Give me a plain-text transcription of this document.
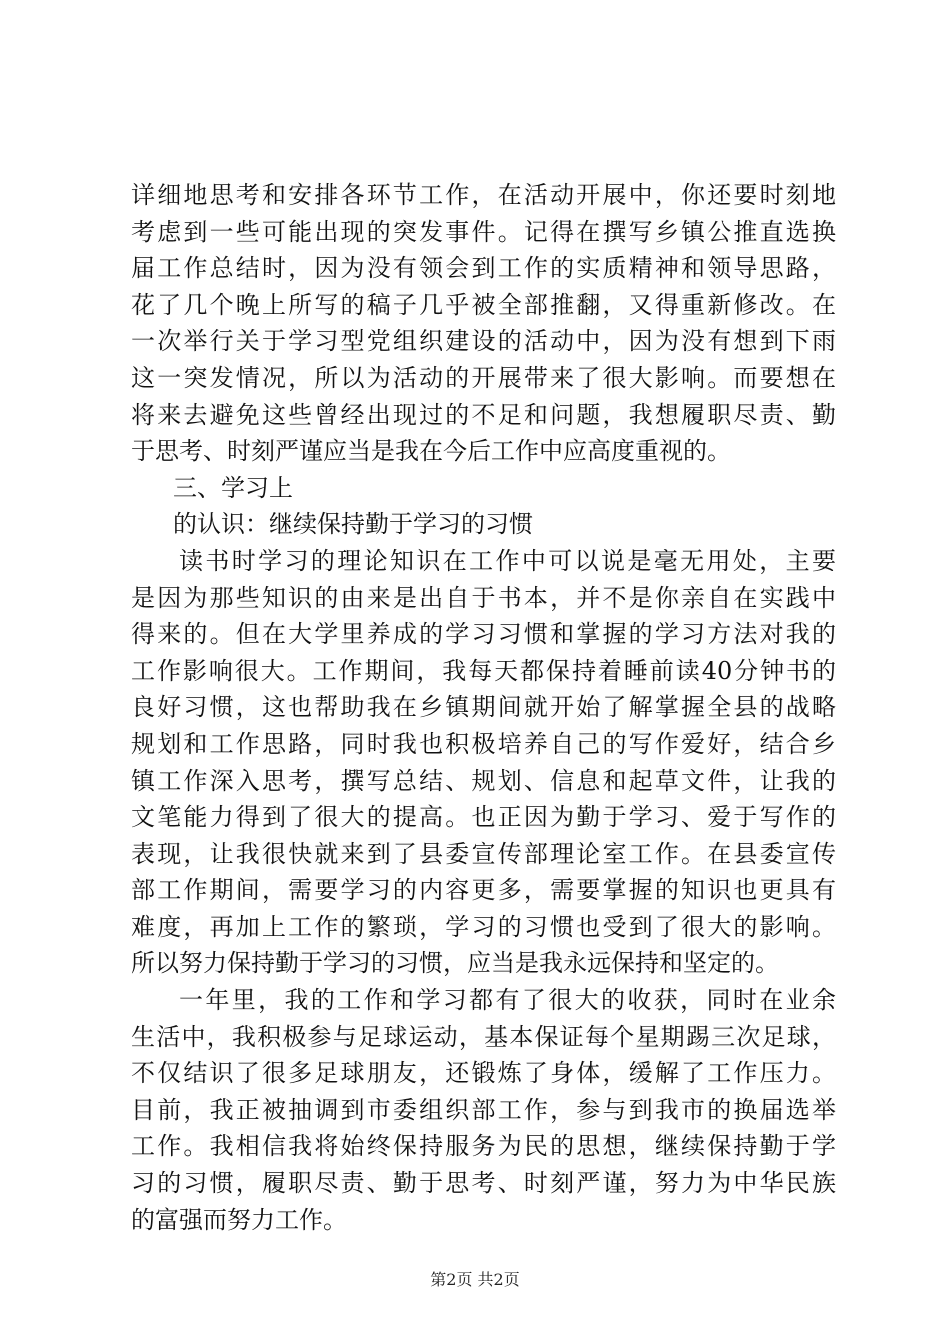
详细地思考和安排各环节工作，在活动开展中，你还要时刻地
考虑到一些可能出现的突发事件。记得在撰写乡镇公推直选换
届工作总结时，因为没有领会到工作的实质精神和领导思路，
花了几个晚上所写的稿子几乎被全部推翻，又得重新修改。在
一次举行关于学习型党组织建设的活动中，因为没有想到下雨
这一突发情况，所以为活动的开展带来了很大影响。而要想在
将来去避免这些曾经出现过的不足和问题，我想履职尽责、勤
于思考、时刻严谨应当是我在今后工作中应高度重视的。
三、学习上
的认识：继续保持勤于学习的习惯
读书时学习的理论知识在工作中可以说是毫无用处，主要
是因为那些知识的由来是出自于书本，并不是你亲自在实践中
得来的。但在大学里养成的学习习惯和掌握的学习方法对我的
工作影响很大。工作期间，我每天都保持着睡前读40分钟书的
良好习惯，这也帮助我在乡镇期间就开始了解掌握全县的战略
规划和工作思路，同时我也积极培养自己的写作爱好，结合乡
镇工作深入思考，撰写总结、规划、信息和起草文件，让我的
文笔能力得到了很大的提高。也正因为勤于学习、爱于写作的
表现，让我很快就来到了县委宣传部理论室工作。在县委宣传
部工作期间，需要学习的内容更多，需要掌握的知识也更具有
难度，再加上工作的繁琐，学习的习惯也受到了很大的影响。
所以努力保持勤于学习的习惯，应当是我永远保持和坚定的。
一年里，我的工作和学习都有了很大的收获，同时在业余
生活中，我积极参与足球运动，基本保证每个星期踢三次足球，
不仅结识了很多足球朋友，还锻炼了身体，缓解了工作压力。
目前，我正被抽调到市委组织部工作，参与到我市的换届选举
工作。我相信我将始终保持服务为民的思想，继续保持勤于学
习的习惯，履职尽责、勤于思考、时刻严谨，努力为中华民族
的富强而努力工作。
第2页 共2页
